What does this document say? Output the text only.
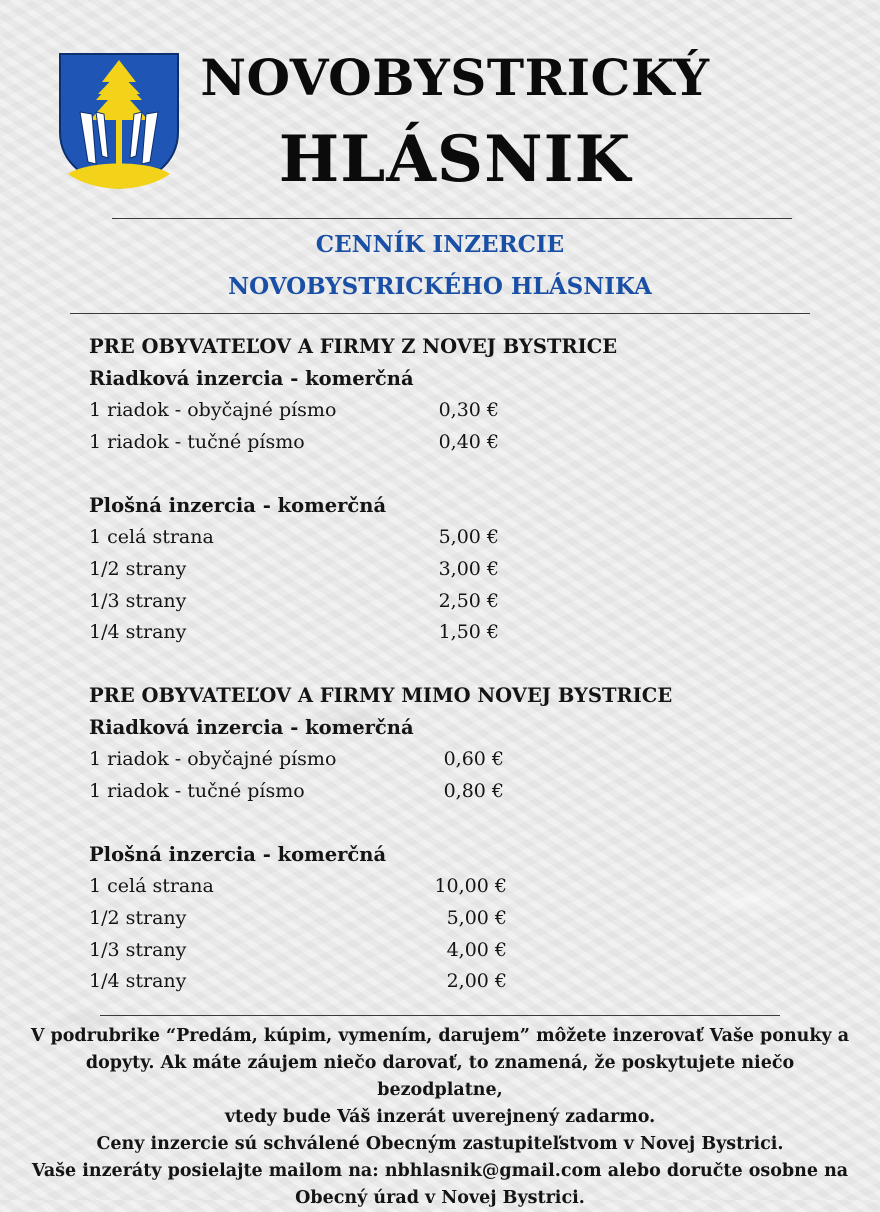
NOVOBYSTRICKÝ
HLÁSNIK
CENNÍK INZERCIE
NOVOBYSTRICKÉHO HLÁSNIKA
PRE OBYVATEĽOV A FIRMY Z NOVEJ BYSTRICE
Riadková inzercia - komerčná
1 riadok - obyčajné písmo	0,30 €
1 riadok - tučné písmo	0,40 €
Plošná inzercia - komerčná
1 celá strana	5,00 €
1/2 strany	3,00 €
1/3 strany	2,50 €
1/4 strany	1,50 €
PRE OBYVATEĽOV A FIRMY MIMO NOVEJ BYSTRICE
Riadková inzercia - komerčná
1 riadok - obyčajné písmo	0,60 €
1 riadok - tučné písmo	0,80 €
Plošná inzercia - komerčná
1 celá strana	10,00 €
1/2 strany	5,00 €
1/3 strany	4,00 €
1/4 strany	2,00 €

V podrubrike “Predám, kúpim, vymením, darujem” môžete inzerovať Vaše ponuky a

dopyty. Ak máte záujem niečo darovať, to znamená, že poskytujete niečo bezodplatne,

vtedy bude Váš inzerát uverejnený zadarmo.

Ceny inzercie sú schválené Obecným zastupiteľstvom v Novej Bystrici.

Vaše inzeráty posielajte mailom na: nbhlasnik@gmail.com alebo doručte osobne na

Obecný úrad v Novej Bystrici.
